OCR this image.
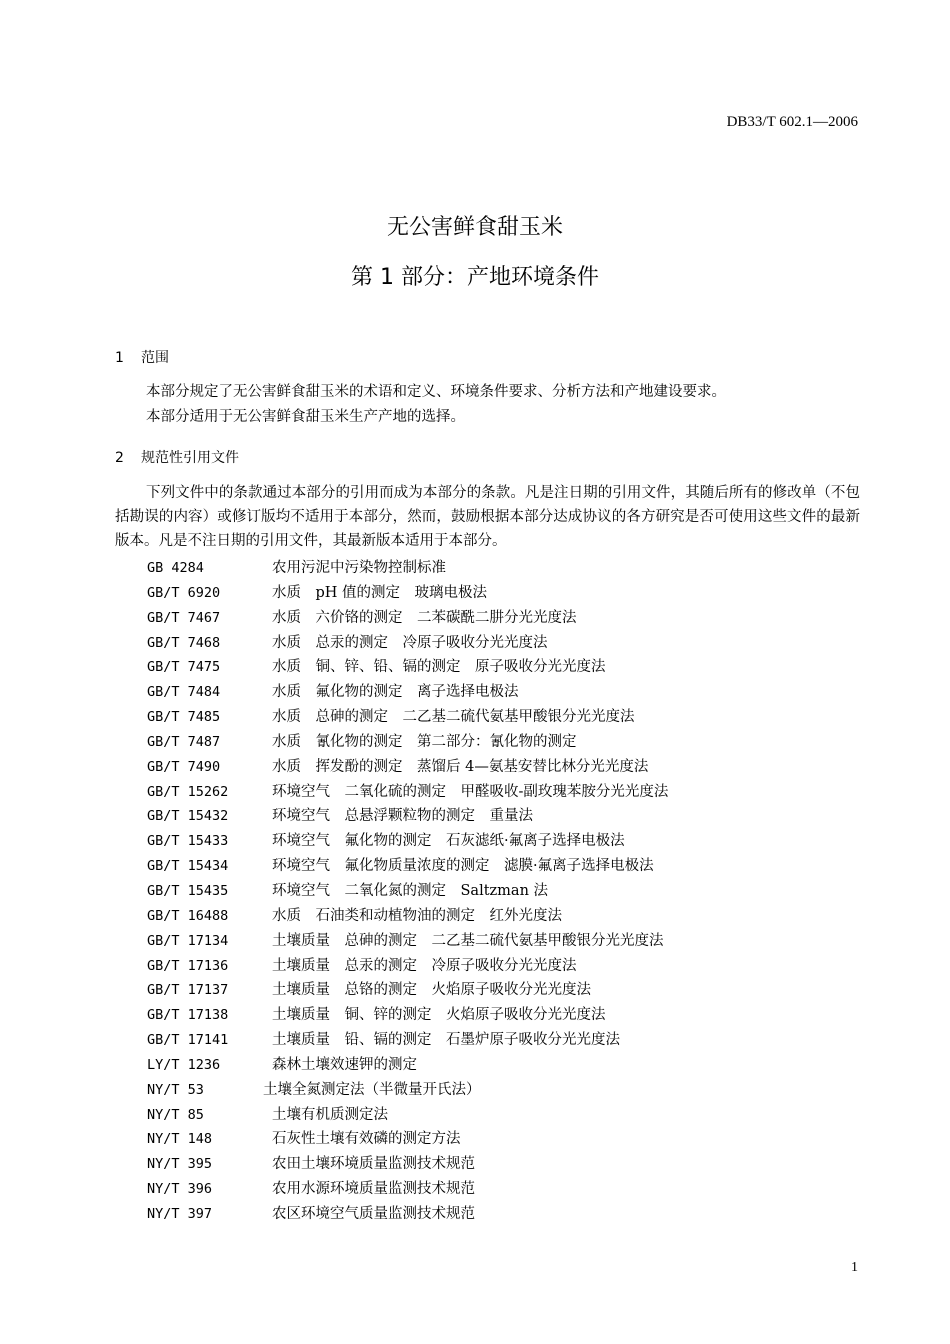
DB33/T 602.1—2006
无公害鲜食甜玉米
第 1 部分：产地环境条件
1 范围
本部分规定了无公害鲜食甜玉米的术语和定义、环境条件要求、分析方法和产地建设要求。
本部分适用于无公害鲜食甜玉米生产产地的选择。
2 规范性引用文件
下列文件中的条款通过本部分的引用而成为本部分的条款。凡是注日期的引用文件，其随后所有的修改单（不包括勘误的内容）或修订版均不适用于本部分，然而，鼓励根据本部分达成协议的各方研究是否可使用这些文件的最新版本。凡是不注日期的引用文件，其最新版本适用于本部分。
GB 4284	农用污泥中污染物控制标准
GB/T 6920	水质　pH 值的测定　玻璃电极法
GB/T 7467	水质　六价铬的测定　二苯碳酰二肼分光光度法
GB/T 7468	水质　总汞的测定　冷原子吸收分光光度法
GB/T 7475	水质　铜、锌、铅、镉的测定　原子吸收分光光度法
GB/T 7484	水质　氟化物的测定　离子选择电极法
GB/T 7485	水质　总砷的测定　二乙基二硫代氨基甲酸银分光光度法
GB/T 7487	水质　氰化物的测定　第二部分：氰化物的测定
GB/T 7490	水质　挥发酚的测定　蒸馏后 4—氨基安替比林分光光度法
GB/T 15262	环境空气　二氧化硫的测定　甲醛吸收-副玫瑰苯胺分光光度法
GB/T 15432	环境空气　总悬浮颗粒物的测定　重量法
GB/T 15433	环境空气　氟化物的测定　石灰滤纸·氟离子选择电极法
GB/T 15434	环境空气　氟化物质量浓度的测定　滤膜·氟离子选择电极法
GB/T 15435	环境空气　二氧化氮的测定　Saltzman 法
GB/T 16488	水质　石油类和动植物油的测定　红外光度法
GB/T 17134	土壤质量　总砷的测定　二乙基二硫代氨基甲酸银分光光度法
GB/T 17136	土壤质量　总汞的测定　冷原子吸收分光光度法
GB/T 17137	土壤质量　总铬的测定　火焰原子吸收分光光度法
GB/T 17138	土壤质量　铜、锌的测定　火焰原子吸收分光光度法
GB/T 17141	土壤质量　铅、镉的测定　石墨炉原子吸收分光光度法
LY/T 1236	森林土壤效速钾的测定
NY/T 53	土壤全氮测定法（半微量开氏法）
NY/T 85	土壤有机质测定法
NY/T 148	石灰性土壤有效磷的测定方法
NY/T 395	农田土壤环境质量监测技术规范
NY/T 396	农用水源环境质量监测技术规范
NY/T 397	农区环境空气质量监测技术规范
1
